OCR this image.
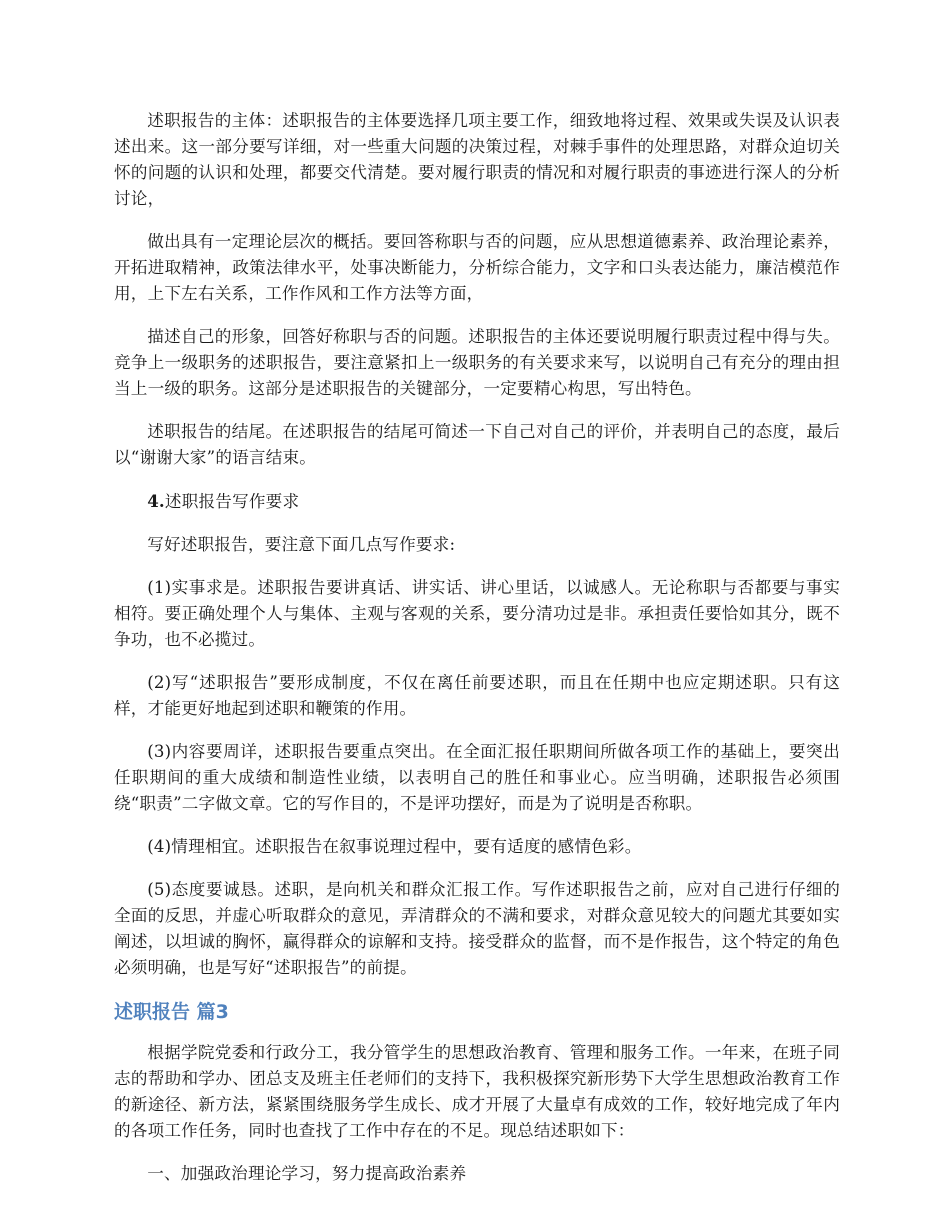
述职报告的主体：述职报告的主体要选择几项主要工作，细致地将过程、效果或失误及认识表述出来。这一部分要写详细，对一些重大问题的决策过程，对棘手事件的处理思路，对群众迫切关怀的问题的认识和处理，都要交代清楚。要对履行职责的情况和对履行职责的事迹进行深人的分析讨论，

做出具有一定理论层次的概括。要回答称职与否的问题，应从思想道德素养、政治理论素养，开拓进取精神，政策法律水平，处事决断能力，分析综合能力，文字和口头表达能力，廉洁模范作用，上下左右关系，工作作风和工作方法等方面，

描述自己的形象，回答好称职与否的问题。述职报告的主体还要说明履行职责过程中得与失。竞争上一级职务的述职报告，要注意紧扣上一级职务的有关要求来写，以说明自己有充分的理由担当上一级的职务。这部分是述职报告的关键部分，一定要精心构思，写出特色。

述职报告的结尾。在述职报告的结尾可简述一下自己对自己的评价，并表明自己的态度，最后以“谢谢大家”的语言结束。

4.述职报告写作要求

写好述职报告，要注意下面几点写作要求:

(1)实事求是。述职报告要讲真话、讲实话、讲心里话，以诚感人。无论称职与否都要与事实相符。要正确处理个人与集体、主观与客观的关系，要分清功过是非。承担责任要恰如其分，既不争功，也不必揽过。

(2)写“述职报告”要形成制度，不仅在离任前要述职，而且在任期中也应定期述职。只有这样，才能更好地起到述职和鞭策的作用。

(3)内容要周详，述职报告要重点突出。在全面汇报任职期间所做各项工作的基础上，要突出任职期间的重大成绩和制造性业绩，以表明自己的胜任和事业心。应当明确，述职报告必须围绕“职责”二字做文章。它的写作目的，不是评功摆好，而是为了说明是否称职。

(4)情理相宜。述职报告在叙事说理过程中，要有适度的感情色彩。

(5)态度要诚恳。述职，是向机关和群众汇报工作。写作述职报告之前，应对自己进行仔细的全面的反思，并虚心听取群众的意见，弄清群众的不满和要求，对群众意见较大的问题尤其要如实阐述，以坦诚的胸怀，赢得群众的谅解和支持。接受群众的监督，而不是作报告，这个特定的角色必须明确，也是写好“述职报告”的前提。

述职报告 篇3

根据学院党委和行政分工，我分管学生的思想政治教育、管理和服务工作。一年来，在班子同志的帮助和学办、团总支及班主任老师们的支持下，我积极探究新形势下大学生思想政治教育工作的新途径、新方法，紧紧围绕服务学生成长、成才开展了大量卓有成效的工作，较好地完成了年内的各项工作任务，同时也查找了工作中存在的不足。现总结述职如下：

一、加强政治理论学习，努力提高政治素养
